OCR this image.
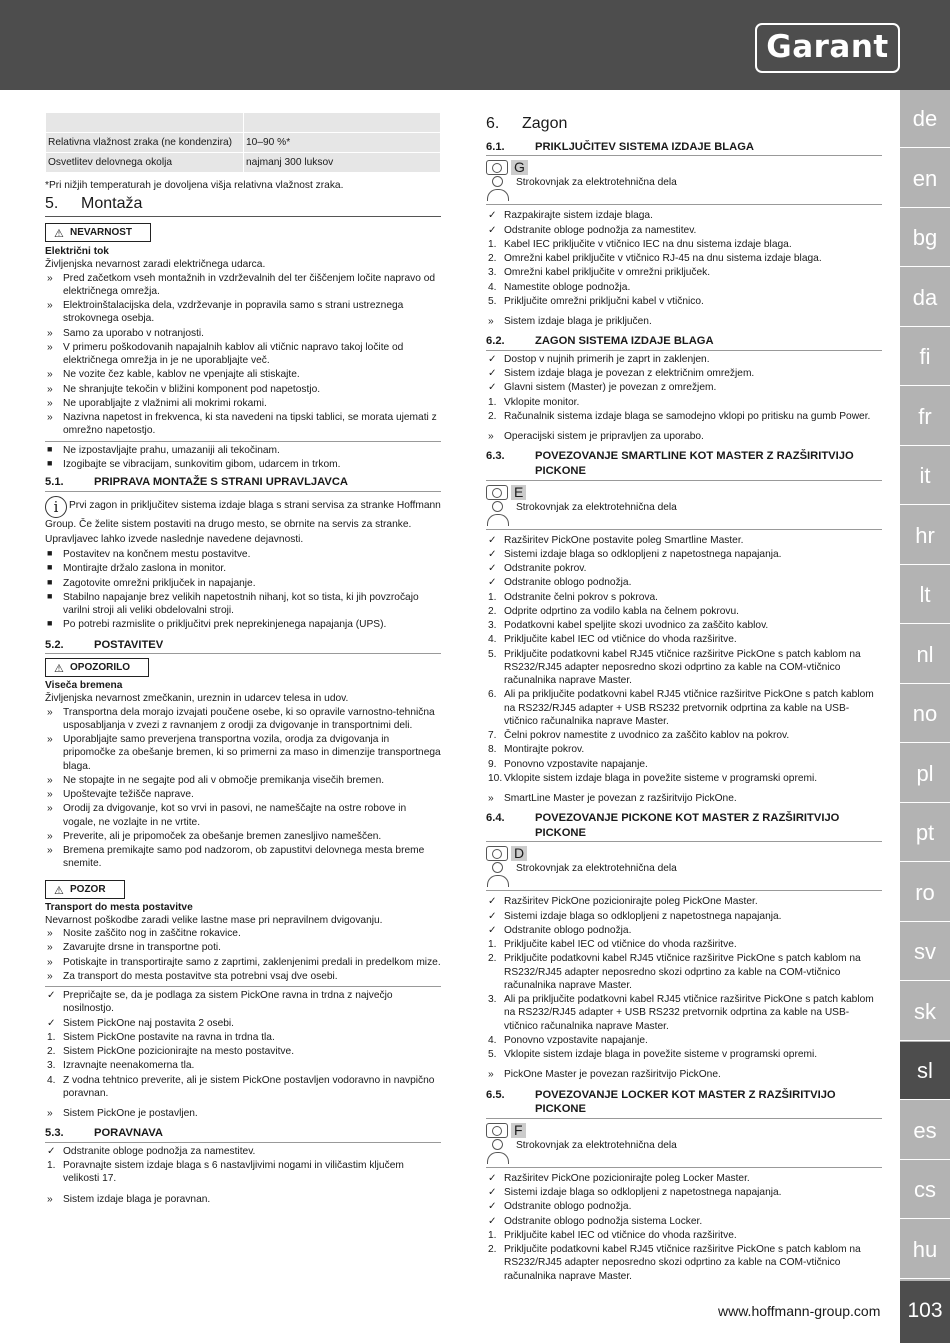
Garant
de
en
bg
da
fi
fr
it
hr
lt
nl
no
pl
pt
ro
sv
sk
sl
es
cs
hu
103
www.hoffmann-group.com

Relativna vlažnost zraka (ne kondenzira)	10–90 %*
Osvetlitev delovnega okolja	najmanj 300 luksov

*Pri nižjih temperaturah je dovoljena višja relativna vlažnost zraka.

5.	Montaža
⚠ NEVARNOST

Električni tok

Življenjska nevarnost zaradi električnega udarca.

» Pred začetkom vseh montažnih in vzdrževalnih del ter čiščenjem ločite napravo od električnega omrežja.
» Elektroinštalacijska dela, vzdrževanje in popravila samo s strani ustreznega strokovnega osebja.
» Samo za uporabo v notranjosti.
» V primeru poškodovanih napajalnih kablov ali vtičnic napravo takoj ločite od električnega omrežja in je ne uporabljajte več.
» Ne vozite čez kable, kablov ne vpenjajte ali stiskajte.
» Ne shranjujte tekočin v bližini komponent pod napetostjo.
» Ne uporabljajte z vlažnimi ali mokrimi rokami.
» Nazivna napetost in frekvenca, ki sta navedeni na tipski tablici, se morata ujemati z omrežno napetostjo.
■ Ne izpostavljajte prahu, umazaniji ali tekočinam.
■ Izogibajte se vibracijam, sunkovitim gibom, udarcem in trkom.
5.1.	PRIPRAVA MONTAŽE S STRANI UPRAVLJAVCA

i Prvi zagon in priključitev sistema izdaje blaga s strani servisa za stranke Hoffmann Group. Če želite sistem postaviti na drugo mesto, se obrnite na servis za stranke.

Upravljavec lahko izvede naslednje navedene dejavnosti.

■ Postavitev na končnem mestu postavitve.
■ Montirajte držalo zaslona in monitor.
■ Zagotovite omrežni priključek in napajanje.
■ Stabilno napajanje brez velikih napetostnih nihanj, kot so tista, ki jih povzročajo varilni stroji ali veliki obdelovalni stroji.
■ Po potrebi razmislite o priključitvi prek neprekinjenega napajanja (UPS).
5.2.	POSTAVITEV
⚠ OPOZORILO

Viseča bremena

Življenjska nevarnost zmečkanin, ureznin in udarcev telesa in udov.

» Transportna dela morajo izvajati poučene osebe, ki so opravile varnostno-tehnična usposabljanja v zvezi z ravnanjem z orodji za dvigovanje in transportnimi deli.
» Uporabljajte samo preverjena transportna vozila, orodja za dvigovanja in pripomočke za obešanje bremen, ki so primerni za maso in dimenzije transportnega blaga.
» Ne stopajte in ne segajte pod ali v območje premikanja visečih bremen.
» Upoštevajte težišče naprave.
» Orodij za dvigovanje, kot so vrvi in pasovi, ne nameščajte na ostre robove in vogale, ne vozlajte in ne vrtite.
» Preverite, ali je pripomoček za obešanje bremen zanesljivo nameščen.
» Bremena premikajte samo pod nadzorom, ob zapustitvi delovnega mesta breme snemite.
⚠ POZOR

Transport do mesta postavitve

Nevarnost poškodbe zaradi velike lastne mase pri nepravilnem dvigovanju.

» Nosite zaščito nog in zaščitne rokavice.
» Zavarujte drsne in transportne poti.
» Potiskajte in transportirajte samo z zaprtimi, zaklenjenimi predali in predelkom mize.
» Za transport do mesta postavitve sta potrebni vsaj dve osebi.
✓ Prepričajte se, da je podlaga za sistem PickOne ravna in trdna z največjo nosilnostjo.
✓ Sistem PickOne naj postavita 2 osebi.
1. Sistem PickOne postavite na ravna in trdna tla.
2. Sistem PickOne pozicionirajte na mesto postavitve.
3. Izravnajte neenakomerna tla.
4. Z vodna tehtnico preverite, ali je sistem PickOne postavljen vodoravno in navpično poravnan.
» Sistem PickOne je postavljen.
5.3.	PORAVNAVA
✓ Odstranite obloge podnožja za namestitev.
1. Poravnajte sistem izdaje blaga s 6 nastavljivimi nogami in viličastim ključem velikosti 17.
» Sistem izdaje blaga je poravnan.
6.	Zagon
6.1.	PRIKLJUČITEV SISTEMA IZDAJE BLAGA
G
Strokovnjak za elektrotehnična dela
✓ Razpakirajte sistem izdaje blaga.
✓ Odstranite obloge podnožja za namestitev.
1. Kabel IEC priključite v vtičnico IEC na dnu sistema izdaje blaga.
2. Omrežni kabel priključite v vtičnico RJ-45 na dnu sistema izdaje blaga.
3. Omrežni kabel priključite v omrežni priključek.
4. Namestite obloge podnožja.
5. Priključite omrežni priključni kabel v vtičnico.
» Sistem izdaje blaga je priključen.
6.2.	ZAGON SISTEMA IZDAJE BLAGA
✓ Dostop v nujnih primerih je zaprt in zaklenjen.
✓ Sistem izdaje blaga je povezan z električnim omrežjem.
✓ Glavni sistem (Master) je povezan z omrežjem.
1. Vklopite monitor.
2. Računalnik sistema izdaje blaga se samodejno vklopi po pritisku na gumb Power.
» Operacijski sistem je pripravljen za uporabo.
6.3.	POVEZOVANJE SMARTLINE KOT MASTER Z RAZŠIRITVIJO PICKONE
E
Strokovnjak za elektrotehnična dela
✓ Razširitev PickOne postavite poleg Smartline Master.
✓ Sistemi izdaje blaga so odklopljeni z napetostnega napajanja.
✓ Odstranite pokrov.
✓ Odstranite oblogo podnožja.
1. Odstranite čelni pokrov s pokrova.
2. Odprite odprtino za vodilo kabla na čelnem pokrovu.
3. Podatkovni kabel speljite skozi uvodnico za zaščito kablov.
4. Priključite kabel IEC od vtičnice do vhoda razširitve.
5. Priključite podatkovni kabel RJ45 vtičnice razširitve PickOne s patch kablom na RS232/RJ45 adapter neposredno skozi odprtino za kable na COM-vtičnico računalnika naprave Master.
6. Ali pa priključite podatkovni kabel RJ45 vtičnice razširitve PickOne s patch kablom na RS232/RJ45 adapter + USB RS232 pretvornik odprtina za kable na USB-vtičnico računalnika naprave Master.
7. Čelni pokrov namestite z uvodnico za zaščito kablov na pokrov.
8. Montirajte pokrov.
9. Ponovno vzpostavite napajanje.
10. Vklopite sistem izdaje blaga in povežite sisteme v programski opremi.
» SmartLine Master je povezan z razširitvijo PickOne.
6.4.	POVEZOVANJE PICKONE KOT MASTER Z RAZŠIRITVIJO PICKONE
D
Strokovnjak za elektrotehnična dela
✓ Razširitev PickOne pozicionirajte poleg PickOne Master.
✓ Sistemi izdaje blaga so odklopljeni z napetostnega napajanja.
✓ Odstranite oblogo podnožja.
1. Priključite kabel IEC od vtičnice do vhoda razširitve.
2. Priključite podatkovni kabel RJ45 vtičnice razširitve PickOne s patch kablom na RS232/RJ45 adapter neposredno skozi odprtino za kable na COM-vtičnico računalnika naprave Master.
3. Ali pa priključite podatkovni kabel RJ45 vtičnice razširitve PickOne s patch kablom na RS232/RJ45 adapter + USB RS232 pretvornik odprtina za kable na USB-vtičnico računalnika naprave Master.
4. Ponovno vzpostavite napajanje.
5. Vklopite sistem izdaje blaga in povežite sisteme v programski opremi.
» PickOne Master je povezan razširitvijo PickOne.
6.5.	POVEZOVANJE LOCKER KOT MASTER Z RAZŠIRITVIJO PICKONE
F
Strokovnjak za elektrotehnična dela
✓ Razširitev PickOne pozicionirajte poleg Locker Master.
✓ Sistemi izdaje blaga so odklopljeni z napetostnega napajanja.
✓ Odstranite oblogo podnožja.
✓ Odstranite oblogo podnožja sistema Locker.
1. Priključite kabel IEC od vtičnice do vhoda razširitve.
2. Priključite podatkovni kabel RJ45 vtičnice razširitve PickOne s patch kablom na RS232/RJ45 adapter neposredno skozi odprtino za kable na COM-vtičnico računalnika naprave Master.
